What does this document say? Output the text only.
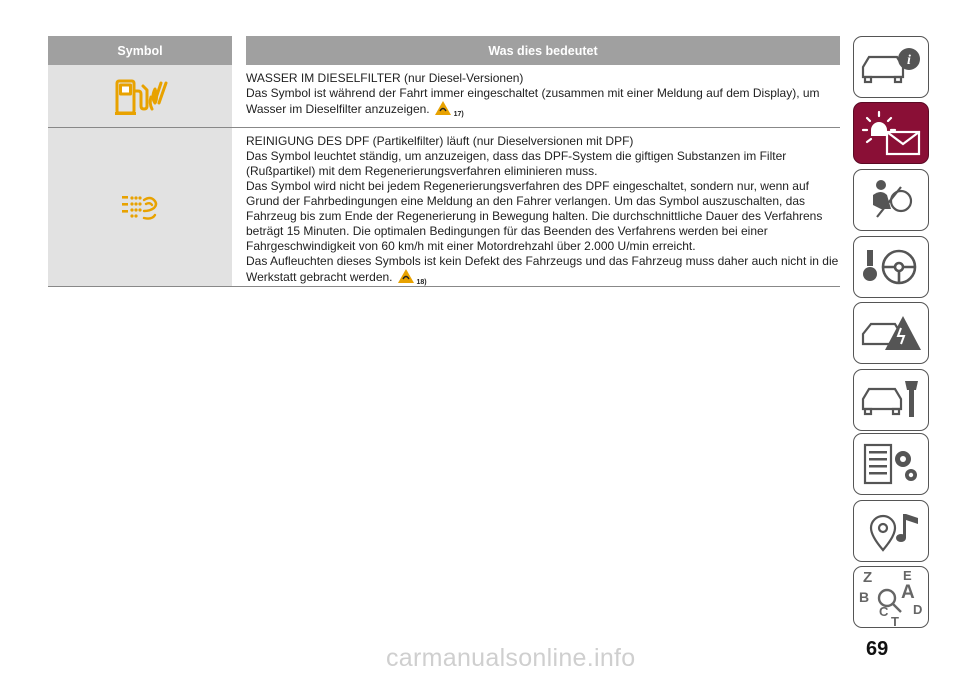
Symbol	Was dies bedeutet

WASSER IM DIESELFILTER (nur Diesel-Versionen)

Das Symbol ist während der Fahrt immer eingeschaltet (zusammen mit einer Meldung auf dem Display), um Wasser im Dieselfilter anzuzeigen.	$_{17)}$

REINIGUNG DES DPF (Partikelfilter) läuft (nur Dieselversionen mit DPF)

Das Symbol leuchtet ständig, um anzuzeigen, dass das DPF-System die giftigen Substanzen im Filter (Rußpartikel) mit dem Regenerierungsverfahren eliminieren muss.

Das Symbol wird nicht bei jedem Regenerierungsverfahren des DPF eingeschaltet, sondern nur, wenn auf Grund der Fahrbedingungen eine Meldung an den Fahrer verlangen. Um das Symbol auszuschalten, das Fahrzeug bis zum Ende der Regenerierung in Bewegung halten. Die durchschnittliche Dauer des Verfahrens beträgt 15 Minuten. Die optimalen Bedingungen für das Beenden des Verfahrens werden bei einer Fahrgeschwindigkeit von 60 km/h mit einer Motordrehzahl über 2.000 U/min erreicht.

Das Aufleuchten dieses Symbols ist kein Defekt des Fahrzeugs und das Fahrzeug muss daher auch nicht in die Werkstatt gebracht werden.	$_{18)}$

i
Z E
A
B
C D
T
69
carmanualsonline.info
